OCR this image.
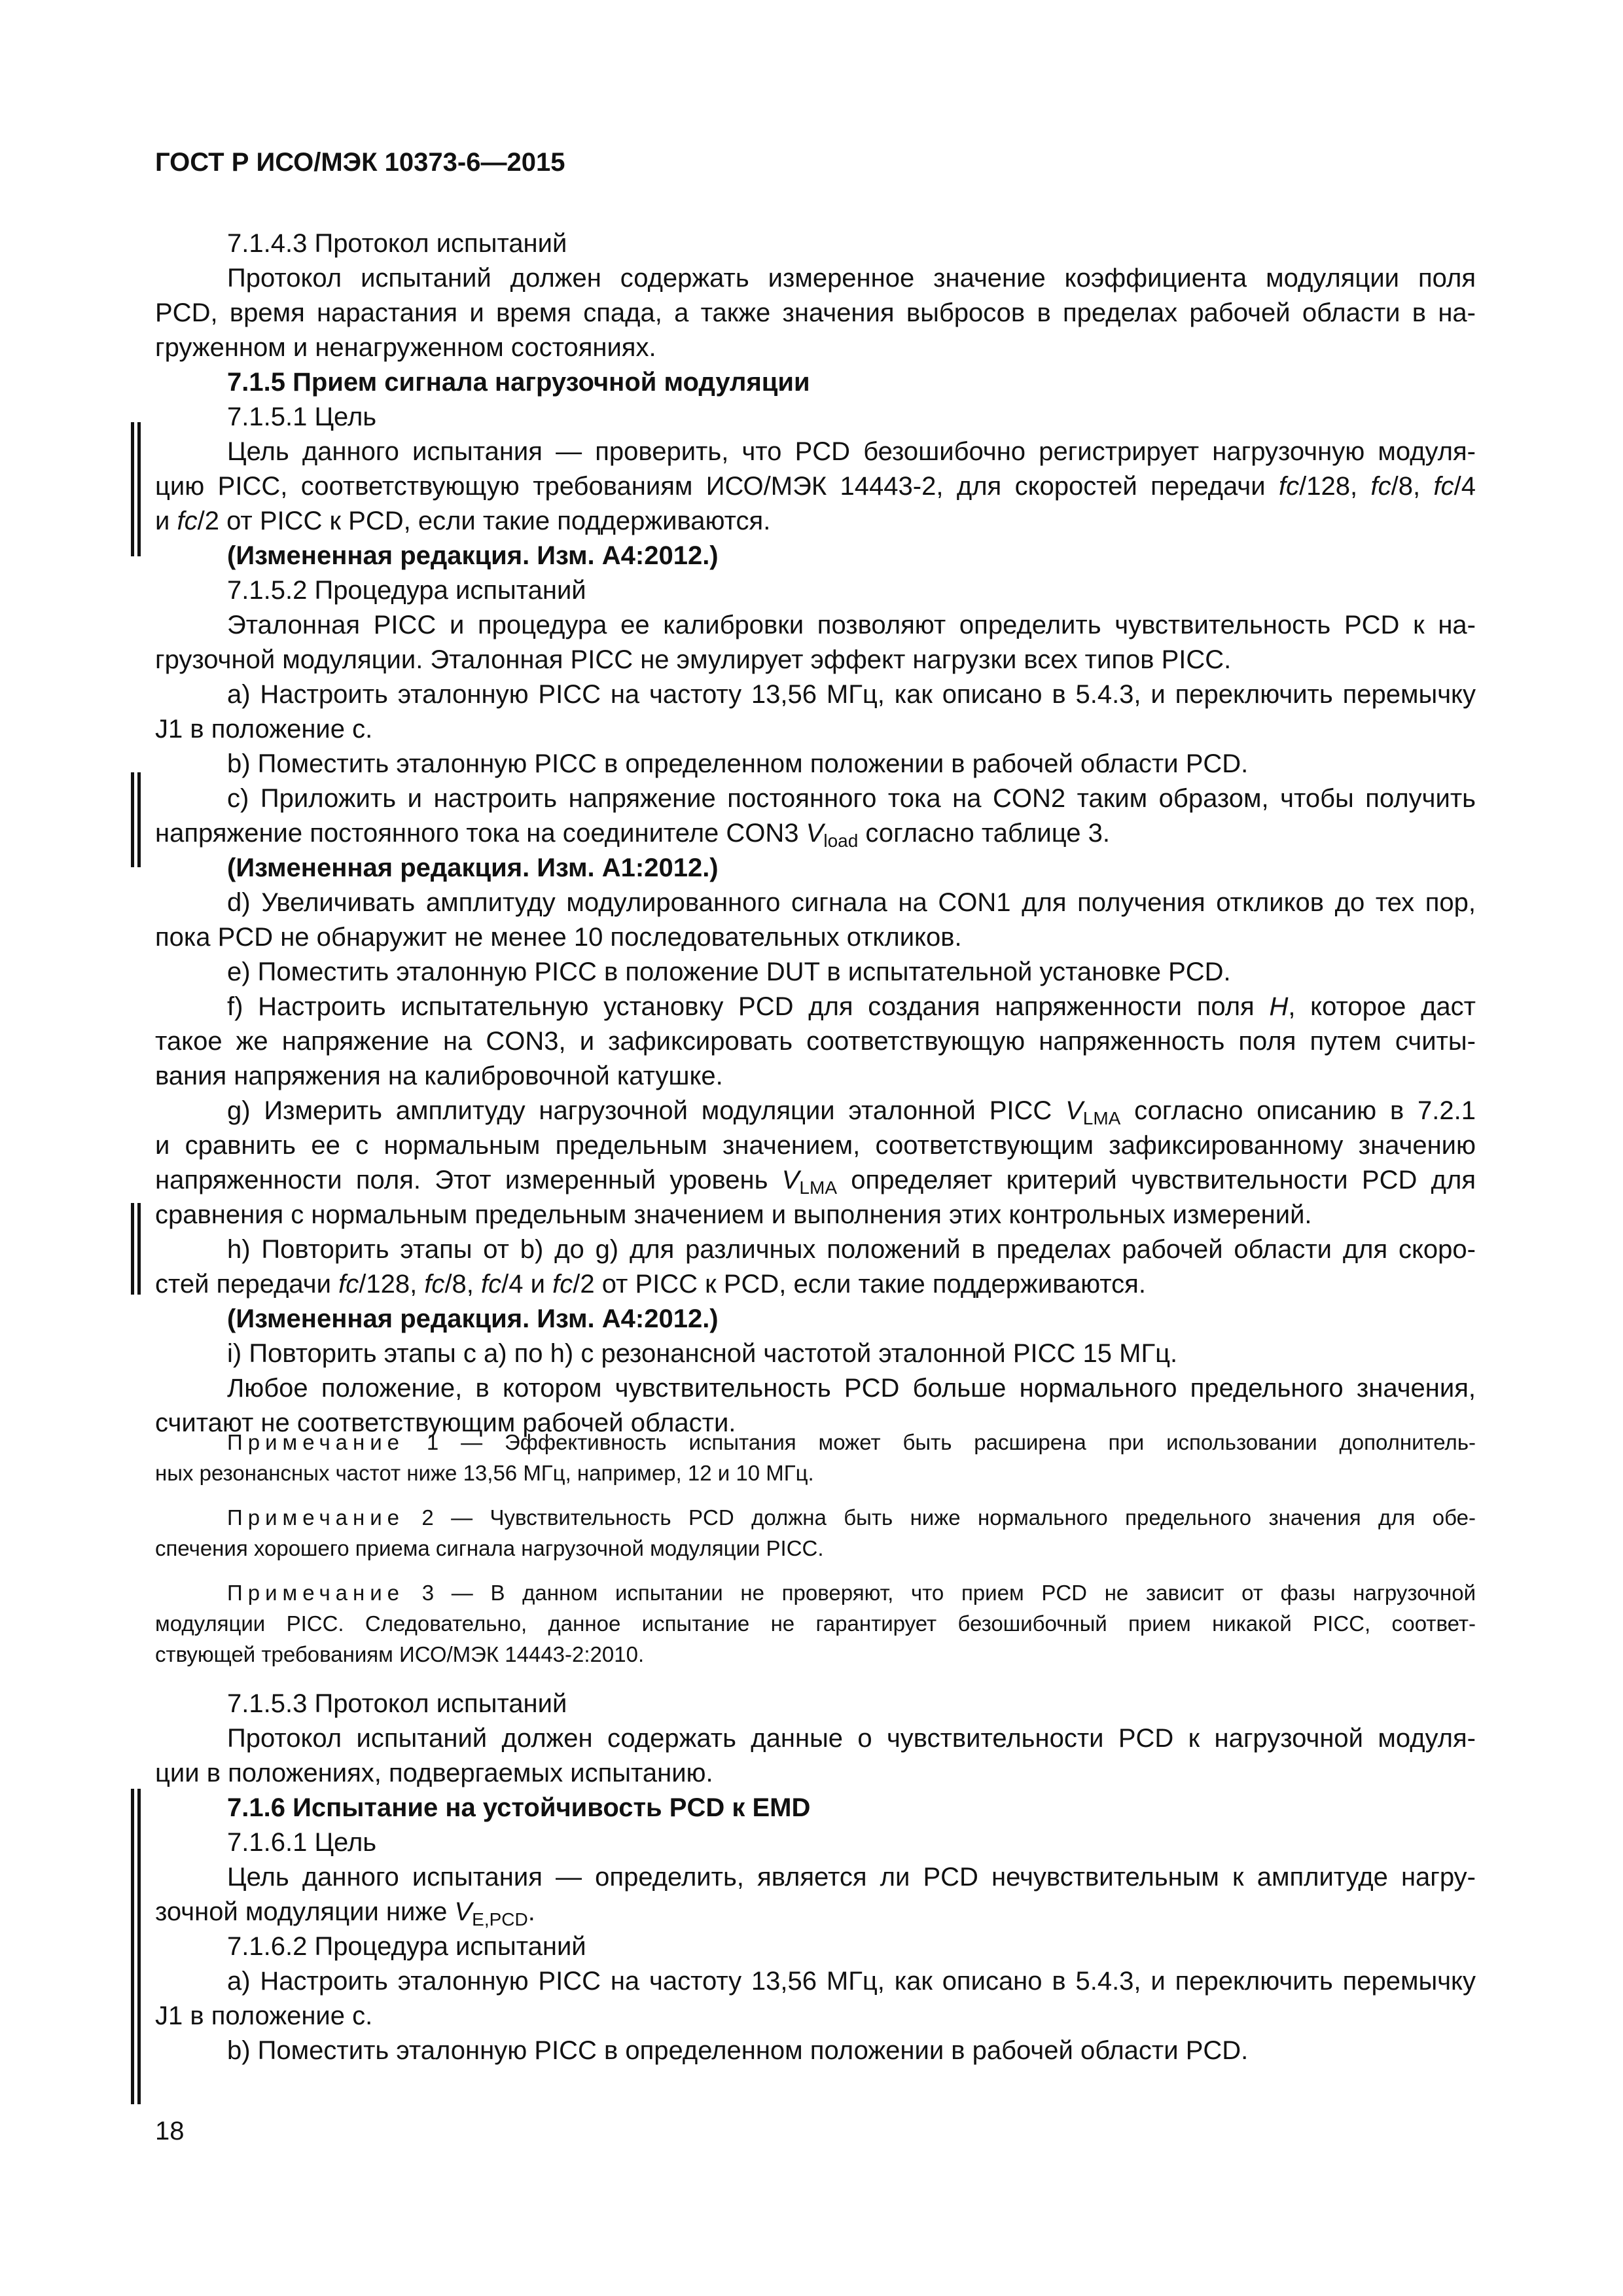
ГОСТ Р ИСО/МЭК 10373-6—2015
7.1.4.3 Протокол испытаний
Протокол испытаний должен содержать измеренное значение коэффициента модуляции поля
PCD, время нарастания и время спада, а также значения выбросов в пределах рабочей области в на-
груженном и ненагруженном состояниях.
7.1.5 Прием сигнала нагрузочной модуляции
7.1.5.1 Цель
Цель данного испытания — проверить, что PCD безошибочно регистрирует нагрузочную модуля-
цию PICC, соответствующую требованиям ИСО/МЭК 14443-2, для скоростей передачи fc/128, fc/8, fc/4
и fc/2 от PICC к PCD, если такие поддерживаются.
(Измененная редакция. Изм. А4:2012.)
7.1.5.2 Процедура испытаний
Эталонная PICC и процедура ее калибровки позволяют определить чувствительность PCD к на-
грузочной модуляции. Эталонная PICC не эмулирует эффект нагрузки всех типов PICC.
a) Настроить эталонную PICC на частоту 13,56 МГц, как описано в 5.4.3, и переключить перемычку
J1 в положение c.
b) Поместить эталонную PICC в определенном положении в рабочей области PCD.
c) Приложить и настроить напряжение постоянного тока на CON2 таким образом, чтобы получить
напряжение постоянного тока на соединителе CON3 $V_{load}$ согласно таблице 3.
(Измененная редакция. Изм. А1:2012.)
d) Увеличивать амплитуду модулированного сигнала на CON1 для получения откликов до тех пор,
пока PCD не обнаружит не менее 10 последовательных откликов.
e) Поместить эталонную PICC в положение DUT в испытательной установке PCD.
f) Настроить испытательную установку PCD для создания напряженности поля H, которое даст
такое же напряжение на CON3, и зафиксировать соответствующую напряженность поля путем считы-
вания напряжения на калибровочной катушке.
g) Измерить амплитуду нагрузочной модуляции эталонной PICC $V_{LMA}$ согласно описанию в 7.2.1
и сравнить ее с нормальным предельным значением, соответствующим зафиксированному значению
напряженности поля. Этот измеренный уровень $V_{LMA}$ определяет критерий чувствительности PCD для
сравнения с нормальным предельным значением и выполнения этих контрольных измерений.
h) Повторить этапы от b) до g) для различных положений в пределах рабочей области для скоро-
стей передачи fc/128, fc/8, fc/4 и fc/2 от PICC к PCD, если такие поддерживаются.
(Измененная редакция. Изм. А4:2012.)
i) Повторить этапы с a) по h) с резонансной частотой эталонной PICC 15 МГц.
Любое положение, в котором чувствительность PCD больше нормального предельного значения,
считают не соответствующим рабочей области.
Примечание 1 — Эффективность испытания может быть расширена при использовании дополнитель-
ных резонансных частот ниже 13,56 МГц, например, 12 и 10 МГц.
Примечание 2 — Чувствительность PCD должна быть ниже нормального предельного значения для обе-
спечения хорошего приема сигнала нагрузочной модуляции PICC.
Примечание 3 — В данном испытании не проверяют, что прием PCD не зависит от фазы нагрузочной
модуляции PICC. Следовательно, данное испытание не гарантирует безошибочный прием никакой PICC, соответ-
ствующей требованиям ИСО/МЭК 14443-2:2010.
7.1.5.3 Протокол испытаний
Протокол испытаний должен содержать данные о чувствительности PCD к нагрузочной модуля-
ции в положениях, подвергаемых испытанию.
7.1.6 Испытание на устойчивость PCD к EMD
7.1.6.1 Цель
Цель данного испытания — определить, является ли PCD нечувствительным к амплитуде нагру-
зочной модуляции ниже $V_{E,PCD}$.
7.1.6.2 Процедура испытаний
a) Настроить эталонную PICC на частоту 13,56 МГц, как описано в 5.4.3, и переключить перемычку
J1 в положение c.
b) Поместить эталонную PICC в определенном положении в рабочей области PCD.
18
